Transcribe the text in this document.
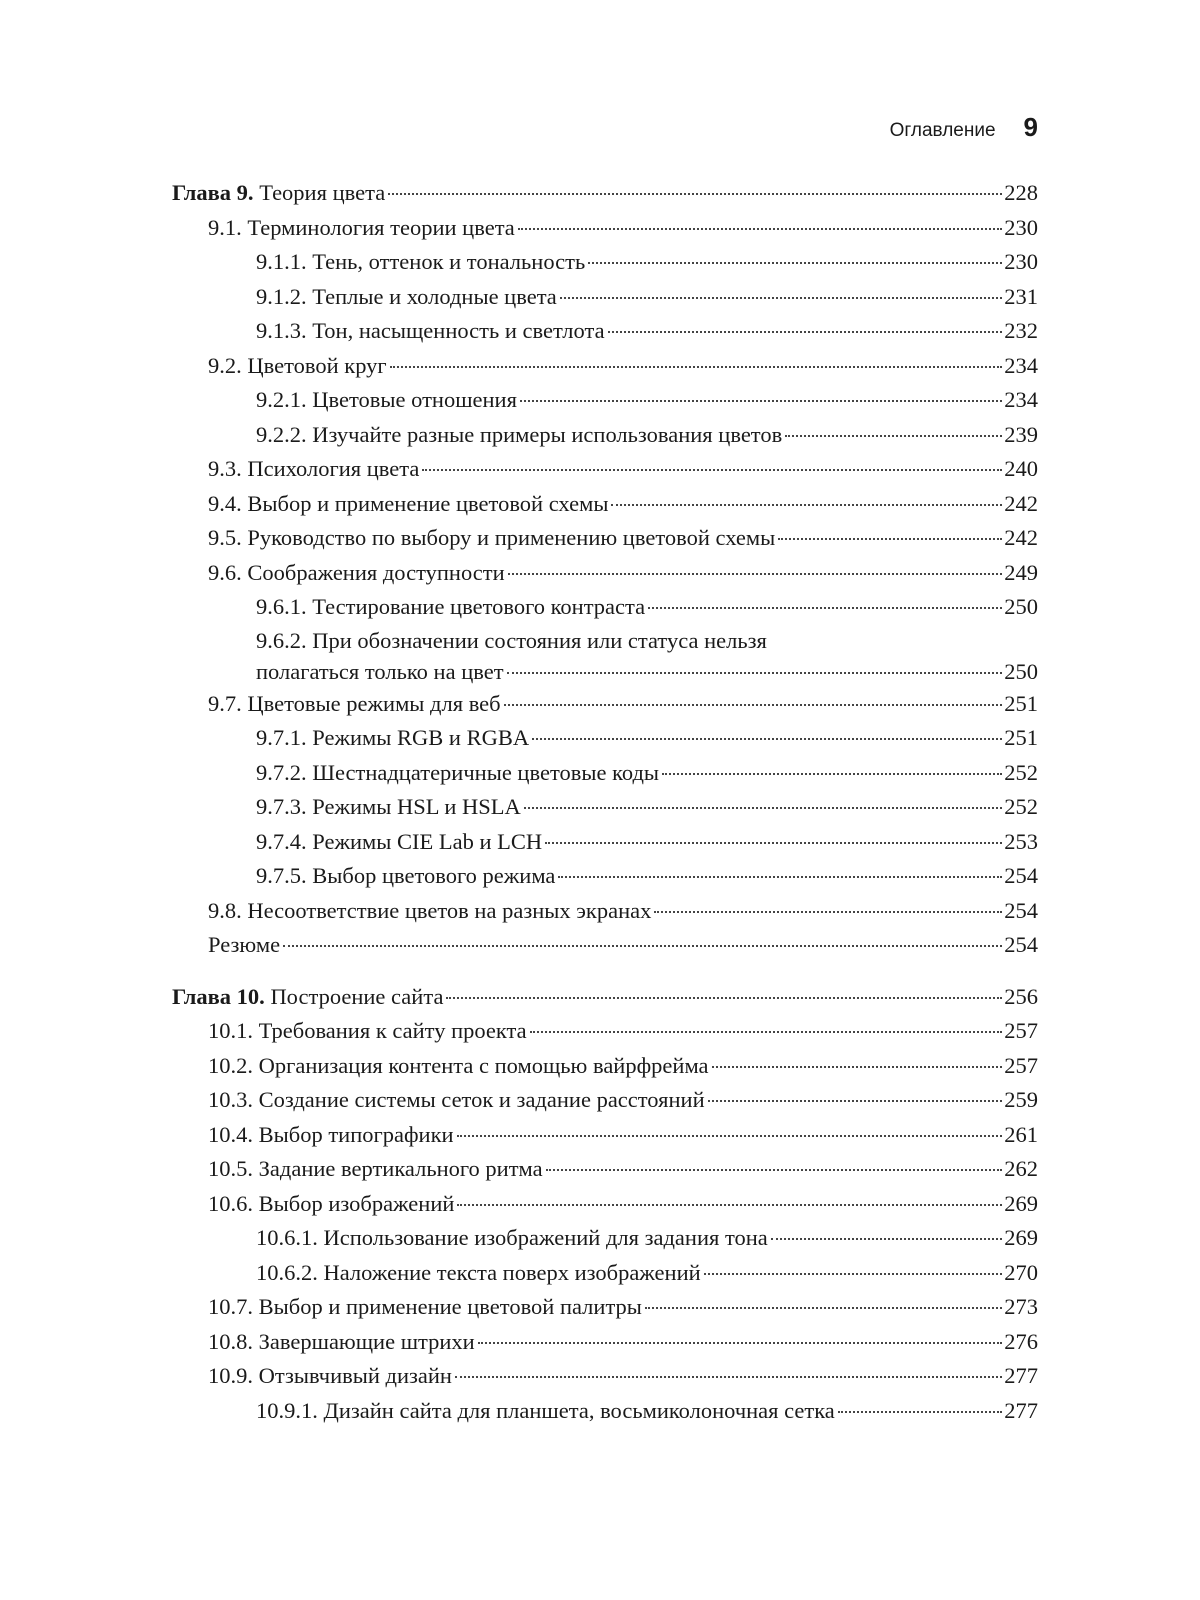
Оглавление 9
Глава 9. Теория цвета	228
9.1. Терминология теории цвета	230
9.1.1. Тень, оттенок и тональность	230
9.1.2. Теплые и холодные цвета	231
9.1.3. Тон, насыщенность и светлота	232
9.2. Цветовой круг	234
9.2.1. Цветовые отношения	234
9.2.2. Изучайте разные примеры использования цветов	239
9.3. Психология цвета	240
9.4. Выбор и применение цветовой схемы	242
9.5. Руководство по выбору и применению цветовой схемы	242
9.6. Соображения доступности	249
9.6.1. Тестирование цветового контраста	250
9.6.2. При обозначении состояния или статуса нельзя
полагаться только на цвет	250
9.7. Цветовые режимы для веб	251
9.7.1. Режимы RGB и RGBA	251
9.7.2. Шестнадцатеричные цветовые коды	252
9.7.3. Режимы HSL и HSLA	252
9.7.4. Режимы CIE Lab и LCH	253
9.7.5. Выбор цветового режима	254
9.8. Несоответствие цветов на разных экранах	254
Резюме	254
Глава 10. Построение сайта	256
10.1. Требования к сайту проекта	257
10.2. Организация контента с помощью вайрфрейма	257
10.3. Создание системы сеток и задание расстояний	259
10.4. Выбор типографики	261
10.5. Задание вертикального ритма	262
10.6. Выбор изображений	269
10.6.1. Использование изображений для задания тона	269
10.6.2. Наложение текста поверх изображений	270
10.7. Выбор и применение цветовой палитры	273
10.8. Завершающие штрихи	276
10.9. Отзывчивый дизайн	277
10.9.1. Дизайн сайта для планшета, восьмиколоночная сетка	277
